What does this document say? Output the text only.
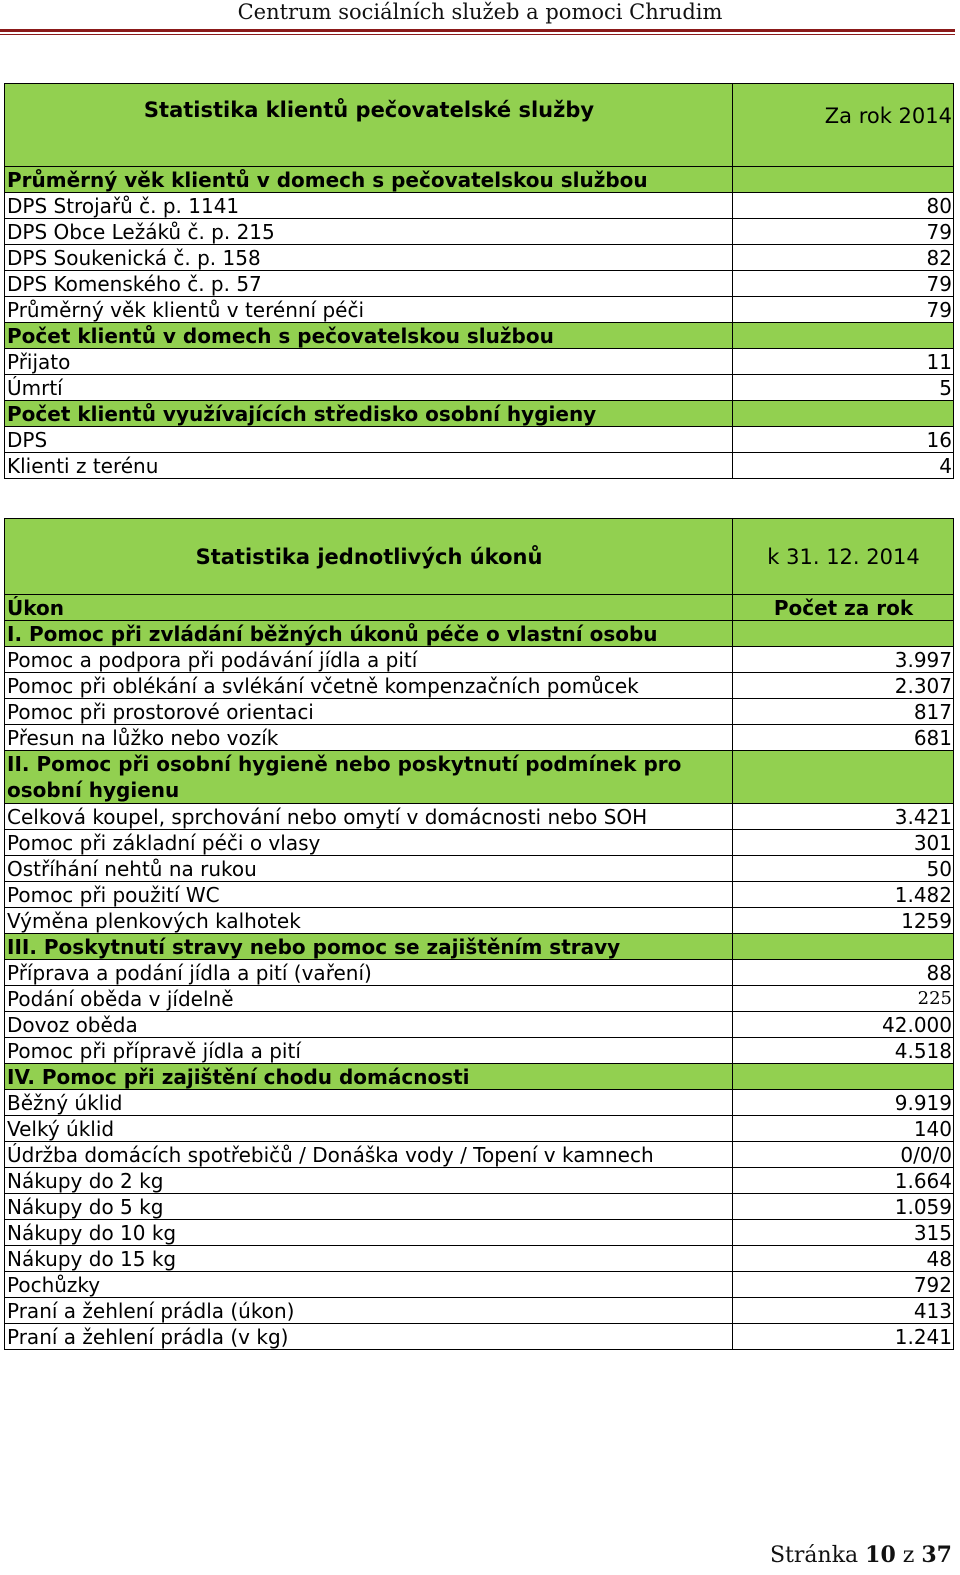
Centrum sociálních služeb a pomoci Chrudim
Statistika klientů pečovatelské služby	Za rok 2014
Průměrný věk klientů v domech s pečovatelskou službou	
DPS Strojařů č. p. 1141	80
DPS Obce Ležáků č. p. 215	79
DPS Soukenická č. p. 158	82
DPS Komenského č. p. 57	79
Průměrný věk klientů v terénní péči	79
Počet klientů v domech s pečovatelskou službou	
Přijato	11
Úmrtí	5
Počet klientů využívajících středisko osobní hygieny	
DPS	16
Klienti z terénu	4
Statistika jednotlivých úkonů	k 31. 12. 2014
Úkon	Počet za rok
I. Pomoc při zvládání běžných úkonů péče o vlastní osobu	
Pomoc a podpora při podávání jídla a pití	3.997
Pomoc při oblékání a svlékání včetně kompenzačních pomůcek	2.307
Pomoc při prostorové orientaci	817
Přesun na lůžko nebo vozík	681
II. Pomoc při osobní hygieně nebo poskytnutí podmínek pro osobní hygienu	
Celková koupel, sprchování nebo omytí v domácnosti nebo SOH	3.421
Pomoc při základní péči o vlasy	301
Ostříhání nehtů na rukou	50
Pomoc při použití WC	1.482
Výměna plenkových kalhotek	1259
III. Poskytnutí stravy nebo pomoc se zajištěním stravy	
Příprava a podání jídla a pití (vaření)	88
Podání oběda v jídelně	225
Dovoz oběda	42.000
Pomoc při přípravě jídla a pití	4.518
IV. Pomoc při zajištění chodu domácnosti	
Běžný úklid	9.919
Velký úklid	140
Údržba domácích spotřebičů / Donáška vody / Topení v kamnech	0/0/0
Nákupy do 2 kg	1.664
Nákupy do 5 kg	1.059
Nákupy do 10 kg	315
Nákupy do 15 kg	48
Pochůzky	792
Praní a žehlení prádla (úkon)	413
Praní a žehlení prádla (v kg)	1.241
Stránka 10 z 37
